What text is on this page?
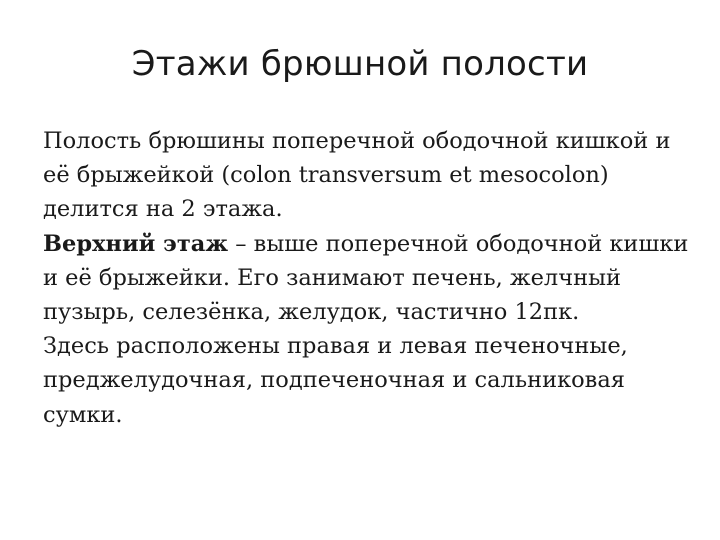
Этажи брюшной полости

Полость брюшины поперечной ободочной кишкой и её брыжейкой (colon transversum et mesocolon) делится на 2 этажа.

Верхний этаж – выше поперечной ободочной кишки и её брыжейки. Его занимают печень, желчный пузырь, селезёнка, желудок, частично 12пк.

Здесь расположены правая и левая печеночные, преджелудочная, подпеченочная и сальниковая сумки.
